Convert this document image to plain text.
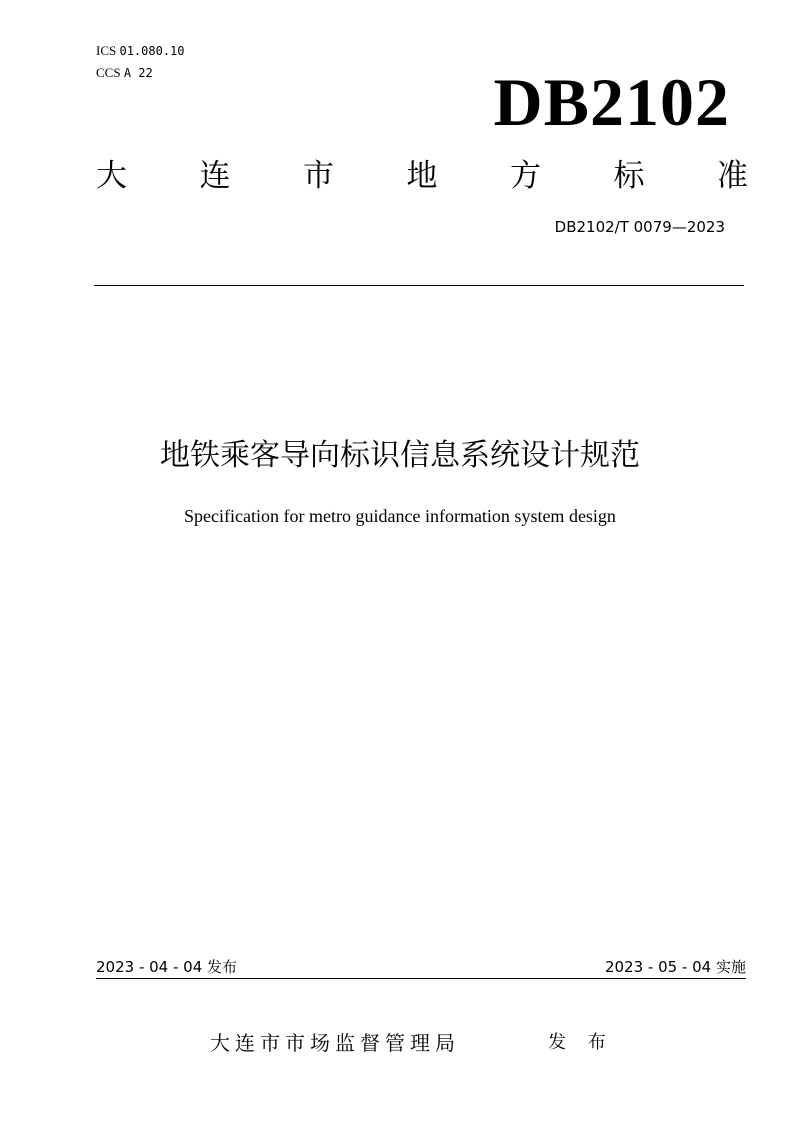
ICS 01.080.10
CCS A 22	DB2102
大 连 市 地 方 标 准
DB2102/T 0079—2023
地铁乘客导向标识信息系统设计规范
Specification for metro guidance information system design
2023 - 04 - 04 发布	2023 - 05 - 04 实施
大连市市场监督管理局	发 布
